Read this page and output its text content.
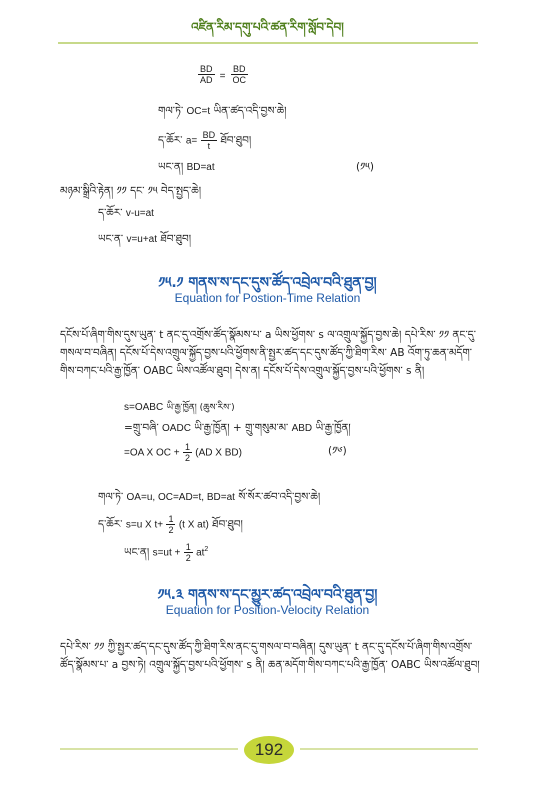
འཛིན་རིམ་དགུ་པའི་ཚན་རིག་སློབ་དེབ།
$\frac{BD}{AD} = \frac{BD}{OC}$
གལ་ཏེ་ OC=t ཡིན་ཚད་འདི་བྱས་ཆེ།
ད་ཆོར་ $a= \frac{BD}{t}$ ཐོབ་ཐུབ།
ཡང་ན། BD=at	(༡༥)
མཉམ་སྒྲིའི་རྟེན། ༡༡ དང་ ༡༥ བེད་སྤྱད་ཆེ།
ད་ཆོར་ v-u=at
ཡང་ན་ v=u+at ཐོབ་ཐུབ།
༡༥.༡ གནས་ས་དང་དུས་ཚོད་འབྲེལ་བའི་ཐུན་བྱ།
Equation for Postion-Time Relation
དངོས་པོ་ཞིག་གིས་དུས་ཡུན་ t ནང་དུ་འགྲོས་ཚོད་སྣོམས་པ་ a ཡིས་ཕྱོགས་ s ལ་འགྲུལ་སྐྱོད་བྱས་ཆེ། དཔེ་རིས་ ༡༡ ནང་དུ་གསལ་བ་བཞིན། དངོས་པོ་དེས་འགྲུལ་སྐྱོད་བྱས་པའི་ཕྱོགས་ནི་སྤྱར་ཚད་དང་དུས་ཚོད་ཀྱི་ཐིག་རིས་ AB འོག་ཏུ་ཆན་མདོག་གིས་བཀང་པའི་རྒྱ་ཁྱོན་ OABC ཡིས་འཚོལ་ཐུབ། དེས་ན། དངོས་པོ་དེས་འགྲུལ་སྐྱོད་བྱས་པའི་ཕྱོགས་ s ནི།
s=OABC ཡི་རྒྱ་ཁྱོན། (ཆུས་རིས་)
=གྲུ་བཞི་ OADC ཡི་རྒྱ་ཁྱོན། + གྲུ་གསུམ་མ་ ABD ཡི་རྒྱ་ཁྱོན།
=OA X OC + $\frac{1}{2} (AD$ X BD)	(༡༦)
གལ་ཏེ་ OA=u, OC=AD=t, BD=at སོ་སོར་ཚབ་འདི་བྱས་ཆེ།
ད་ཆོར་ s=u X $t+ \frac{1}{2} (t$ X at) ཐོབ་ཐུབ།
ཡང་ན། $s=ut + \frac{1}{2} at^2$
༡༥.༣ གནས་ས་དང་མྱུར་ཚད་འབྲེལ་བའི་ཐུན་བྱ།
Equation for Position-Velocity Relation
དཔེ་རིས་ ༡༡ ཀྱི་སྤྱར་ཚད་དང་དུས་ཚོད་ཀྱི་ཐིག་རིས་ནང་དུ་གསལ་བ་བཞིན། དུས་ཡུན་ t ནང་དུ་དངོས་པོ་ཞིག་གིས་འགྲོས་ཚོད་སྣོམས་པ་ a བྱས་ཏེ། འགྲུལ་སྐྱོད་བྱས་པའི་ཕྱོགས་ s ནི། ཆན་མདོག་གིས་བཀང་པའི་རྒྱ་ཁྱོན་ OABC ཡིས་འཚོལ་ཐུབ།
192
